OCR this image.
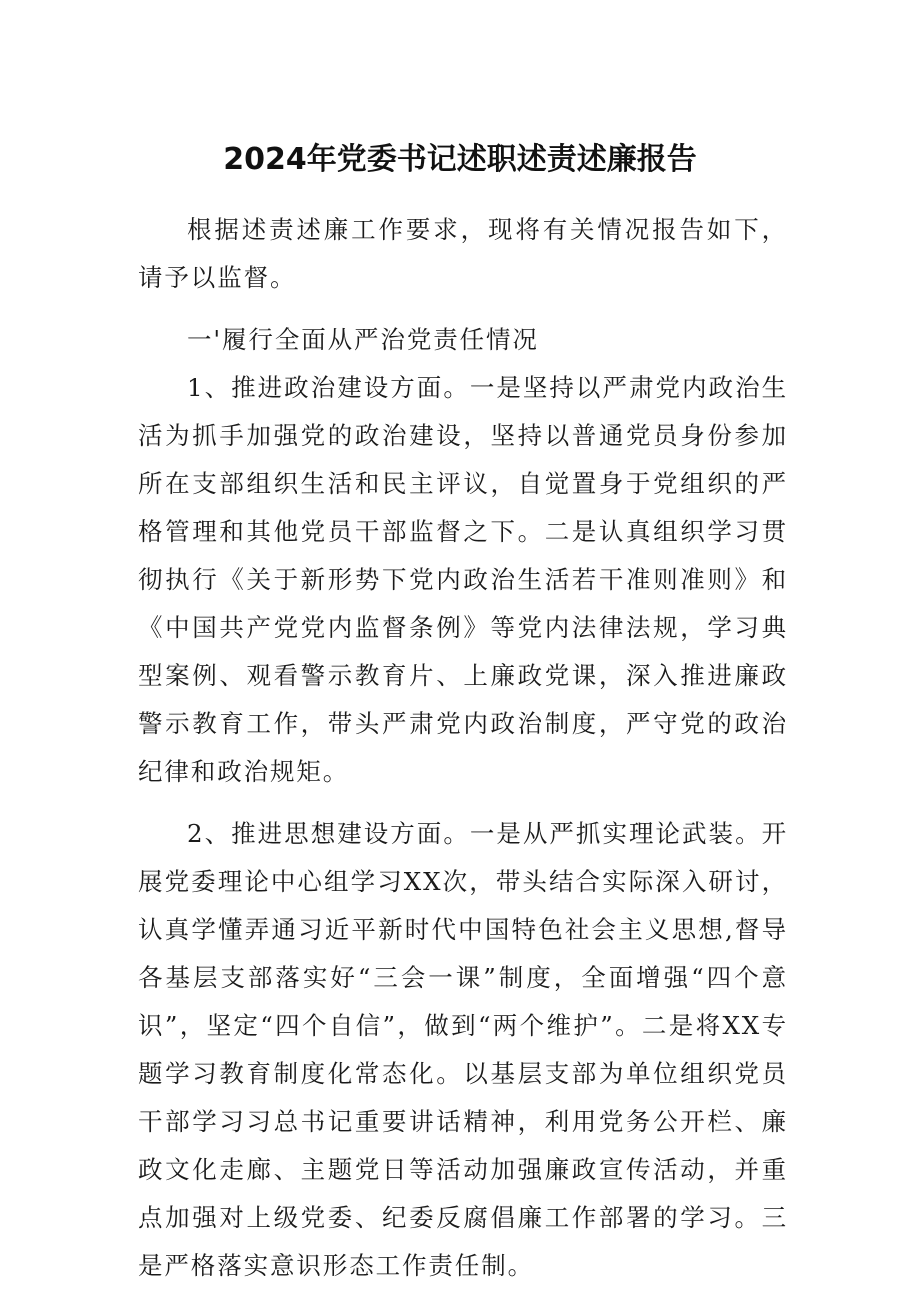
2024年党委书记述职述责述廉报告

根据述责述廉工作要求，现将有关情况报告如下，请予以监督。

一'履行全面从严治党责任情况

1、推进政治建设方面。一是坚持以严肃党内政治生活为抓手加强党的政治建设，坚持以普通党员身份参加所在支部组织生活和民主评议，自觉置身于党组织的严格管理和其他党员干部监督之下。二是认真组织学习贯彻执行《关于新形势下党内政治生活若干准则准则》和《中国共产党党内监督条例》等党内法律法规，学习典型案例、观看警示教育片、上廉政党课，深入推进廉政警示教育工作，带头严肃党内政治制度，严守党的政治纪律和政治规矩。

2、推进思想建设方面。一是从严抓实理论武装。开展党委理论中心组学习XX次，带头结合实际深入研讨，认真学懂弄通习近平新时代中国特色社会主义思想,督导各基层支部落实好“三会一课”制度，全面增强“四个意识”，坚定“四个自信”，做到“两个维护”。二是将XX专题学习教育制度化常态化。以基层支部为单位组织党员干部学习习总书记重要讲话精神，利用党务公开栏、廉政文化走廊、主题党日等活动加强廉政宣传活动，并重点加强对上级党委、纪委反腐倡廉工作部署的学习。三是严格落实意识形态工作责任制。
